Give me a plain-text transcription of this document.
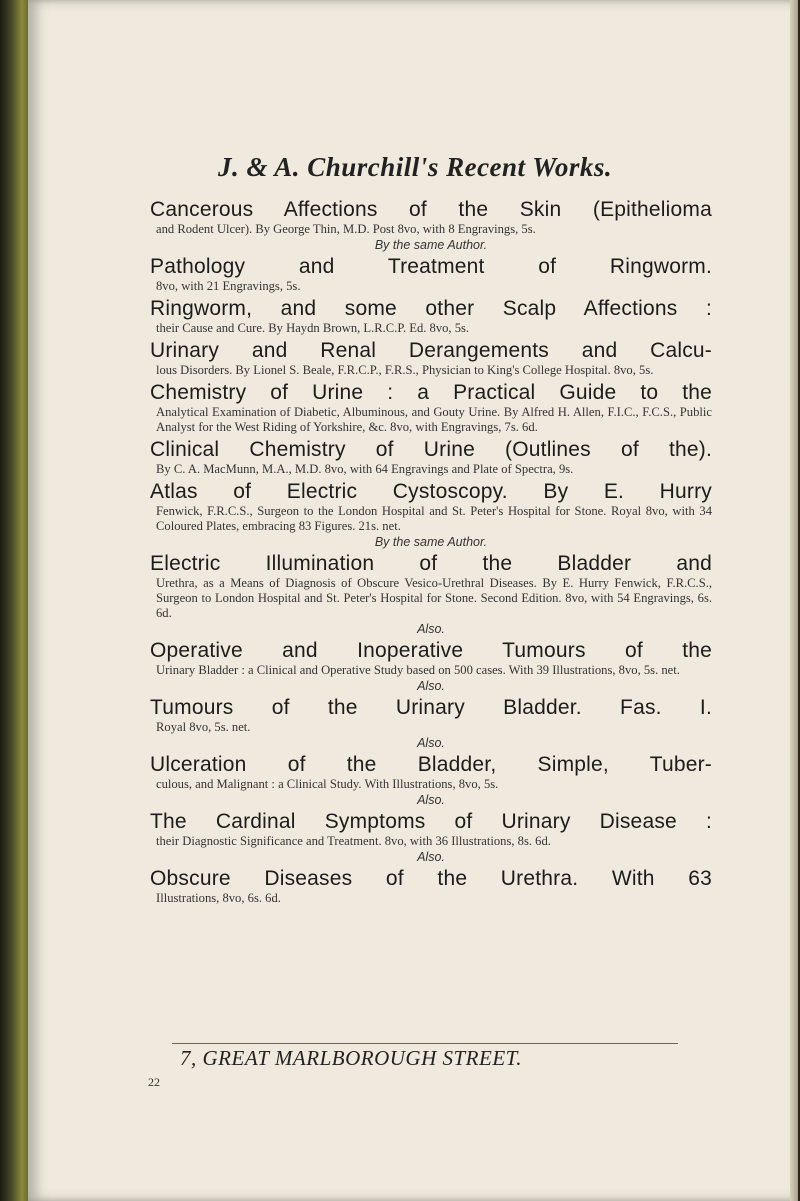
J. & A. Churchill's Recent Works.
Cancerous Affections of the Skin (Epithelioma
and Rodent Ulcer). By George Thin, M.D. Post 8vo, with 8 Engravings, 5s.
By the same Author.
Pathology and Treatment of Ringworm.
8vo, with 21 Engravings, 5s.
Ringworm, and some other Scalp Affections :
their Cause and Cure. By Haydn Brown, L.R.C.P. Ed. 8vo, 5s.
Urinary and Renal Derangements and Calcu-
lous Disorders. By Lionel S. Beale, F.R.C.P., F.R.S., Physician to King's College Hospital. 8vo, 5s.
Chemistry of Urine : a Practical Guide to the
Analytical Examination of Diabetic, Albuminous, and Gouty Urine. By Alfred H. Allen, F.I.C., F.C.S., Public Analyst for the West Riding of Yorkshire, &c. 8vo, with Engravings, 7s. 6d.
Clinical Chemistry of Urine (Outlines of the).
By C. A. MacMunn, M.A., M.D. 8vo, with 64 Engravings and Plate of Spectra, 9s.
Atlas of Electric Cystoscopy. By E. Hurry
Fenwick, F.R.C.S., Surgeon to the London Hospital and St. Peter's Hospital for Stone. Royal 8vo, with 34 Coloured Plates, embracing 83 Figures. 21s. net.
By the same Author.
Electric Illumination of the Bladder and
Urethra, as a Means of Diagnosis of Obscure Vesico-Urethral Diseases. By E. Hurry Fenwick, F.R.C.S., Surgeon to London Hospital and St. Peter's Hospital for Stone. Second Edition. 8vo, with 54 Engravings, 6s. 6d.
Also.
Operative and Inoperative Tumours of the
Urinary Bladder : a Clinical and Operative Study based on 500 cases. With 39 Illustrations, 8vo, 5s. net.
Also.
Tumours of the Urinary Bladder. Fas. I.
Royal 8vo, 5s. net.
Also.
Ulceration of the Bladder, Simple, Tuber-
culous, and Malignant : a Clinical Study. With Illustrations, 8vo, 5s.
Also.
The Cardinal Symptoms of Urinary Disease :
their Diagnostic Significance and Treatment. 8vo, with 36 Illustrations, 8s. 6d.
Also.
Obscure Diseases of the Urethra. With 63
Illustrations, 8vo, 6s. 6d.
7, GREAT MARLBOROUGH STREET.
22
